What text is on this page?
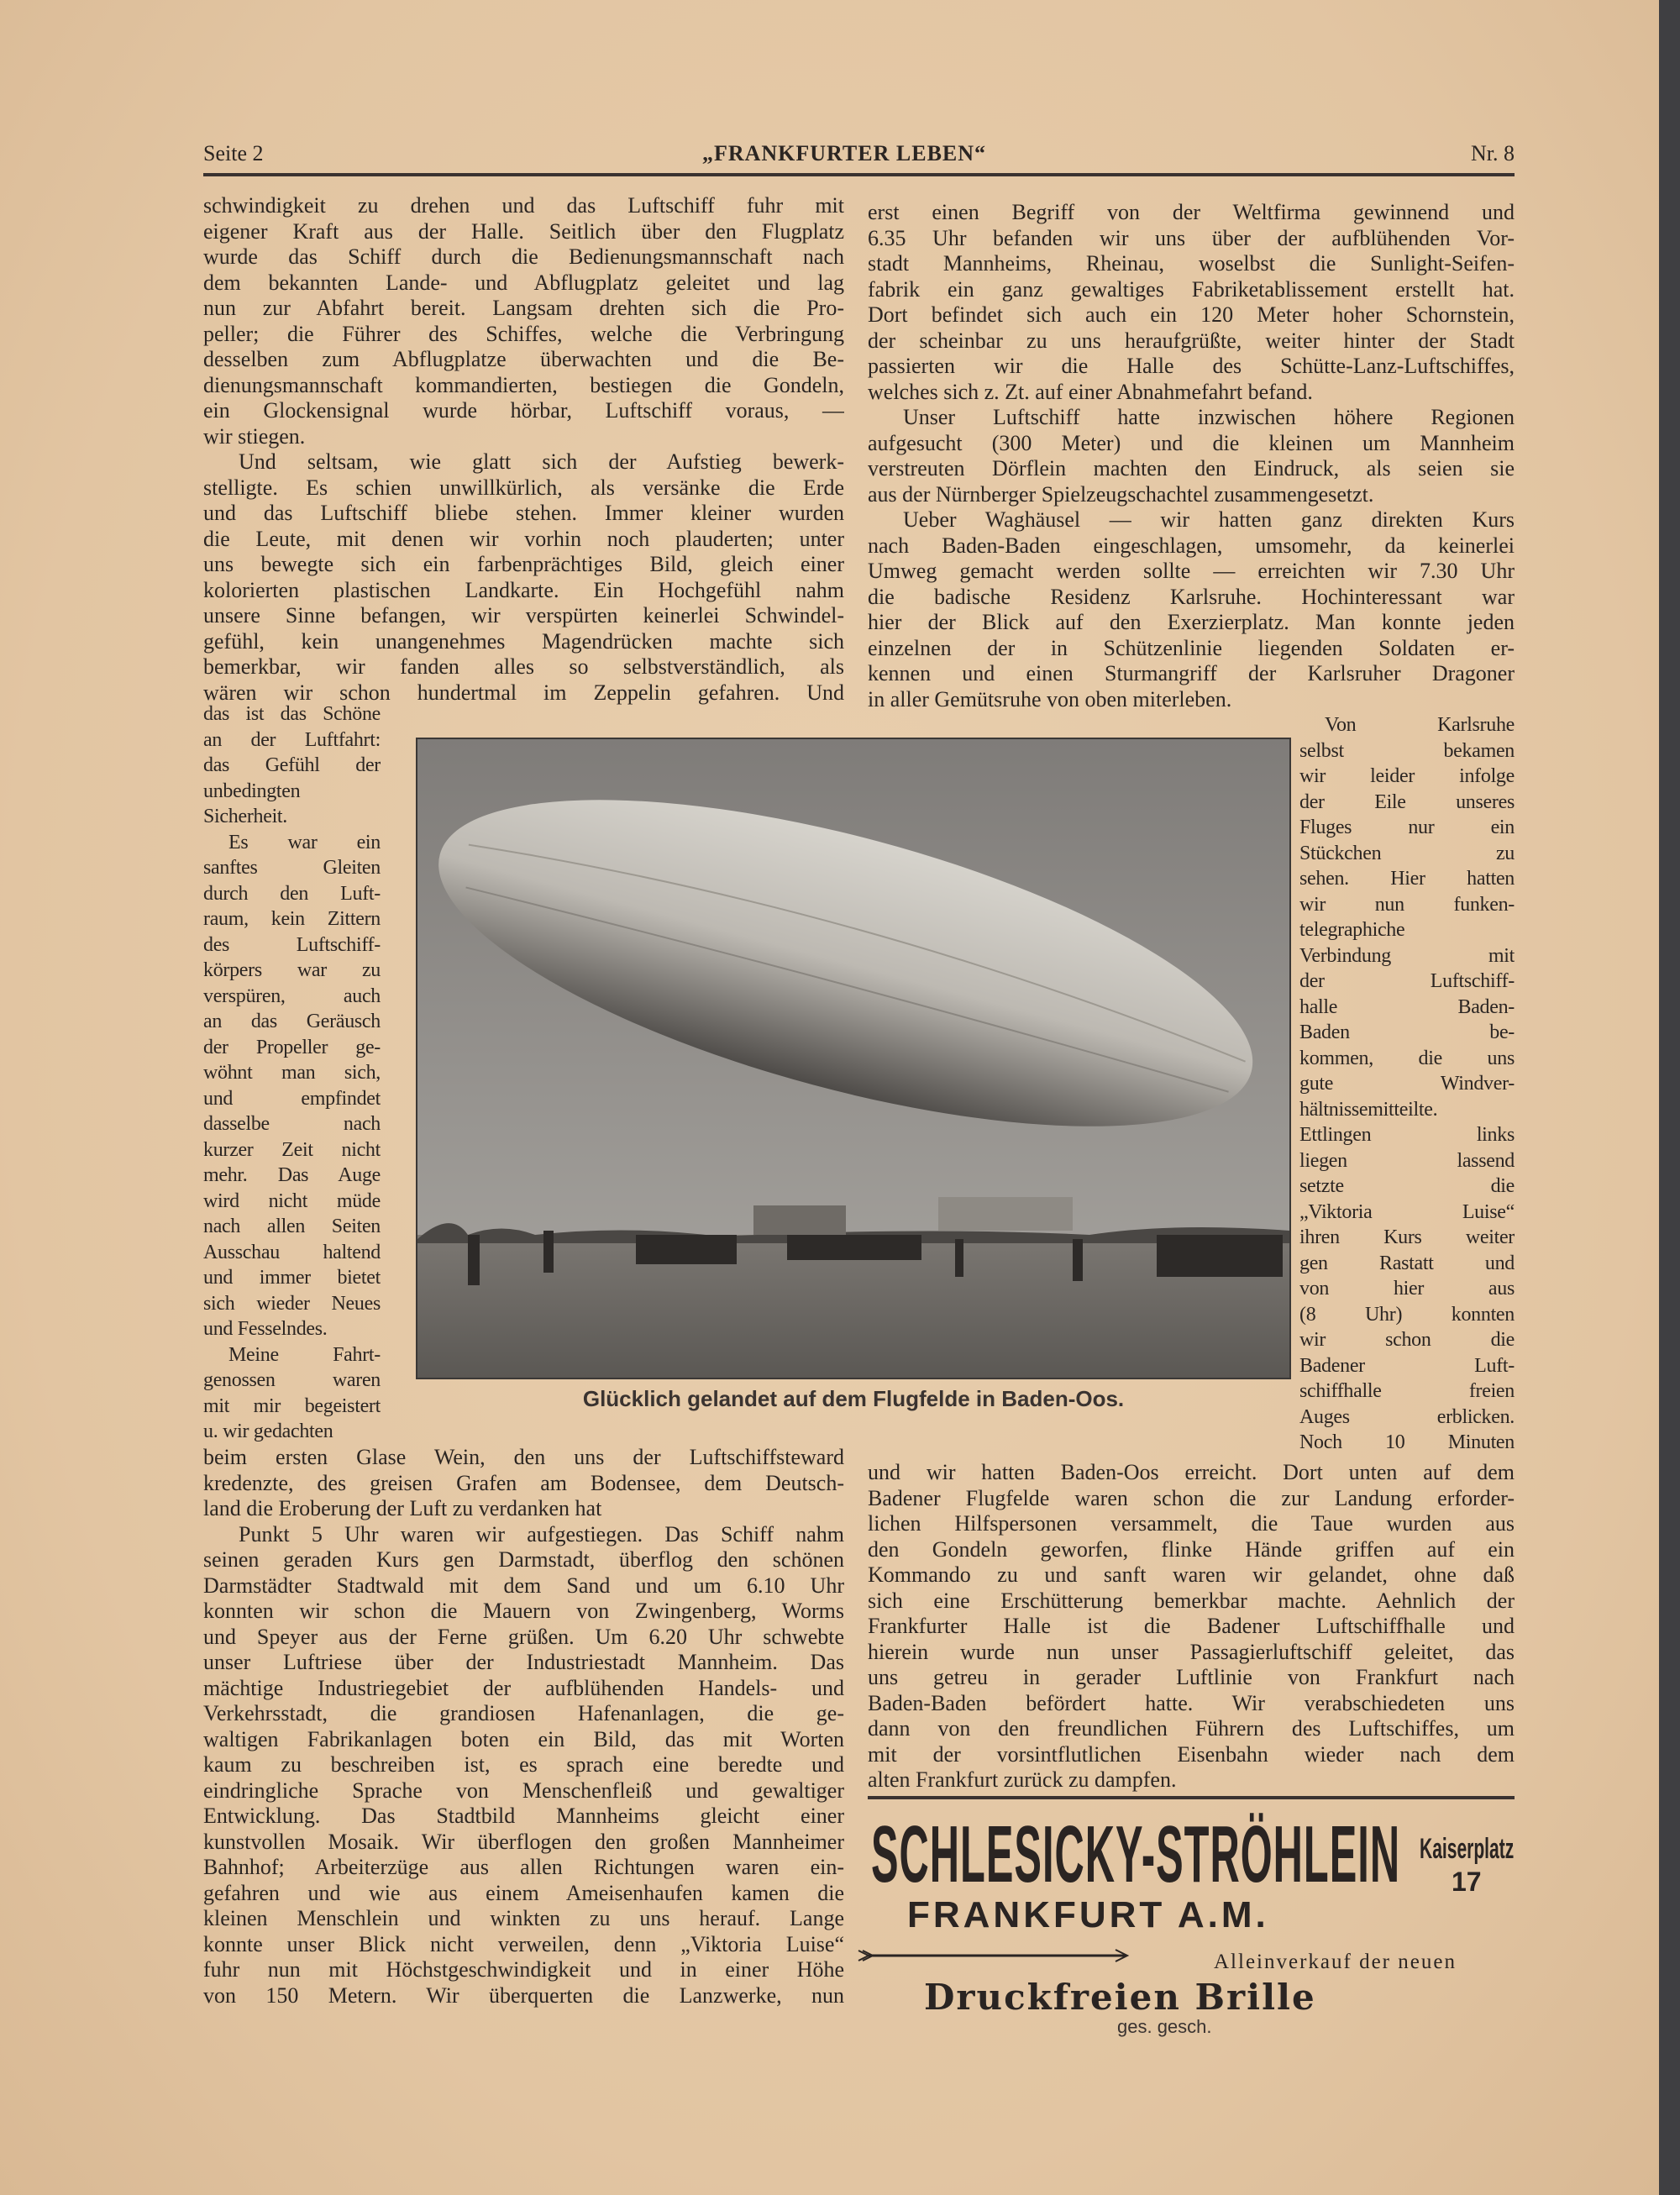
Seite 2	„FRANKFURTER LEBEN“	Nr. 8
schwindigkeit zu drehen und das Luftschiff fuhr mit
eigener Kraft aus der Halle. Seitlich über den Flugplatz
wurde das Schiff durch die Bedienungsmannschaft nach
dem bekannten Lande- und Abflugplatz geleitet und lag
nun zur Abfahrt bereit. Langsam drehten sich die Pro-
peller; die Führer des Schiffes, welche die Verbringung
desselben zum Abflugplatze überwachten und die Be-
dienungsmannschaft kommandierten, bestiegen die Gondeln,
ein Glockensignal wurde hörbar, Luftschiff voraus, —
wir stiegen.
Und seltsam, wie glatt sich der Aufstieg bewerk-
stelligte. Es schien unwillkürlich, als versänke die Erde
und das Luftschiff bliebe stehen. Immer kleiner wurden
die Leute, mit denen wir vorhin noch plauderten; unter
uns bewegte sich ein farbenprächtiges Bild, gleich einer
kolorierten plastischen Landkarte. Ein Hochgefühl nahm
unsere Sinne befangen, wir verspürten keinerlei Schwindel-
gefühl, kein unangenehmes Magendrücken machte sich
bemerkbar, wir fanden alles so selbstverständlich, als
wären wir schon hundertmal im Zeppelin gefahren. Und
das ist das Schöne
an der Luftfahrt:
das Gefühl der
unbedingten
Sicherheit.
Es war ein
sanftes Gleiten
durch den Luft-
raum, kein Zittern
des Luftschiff-
körpers war zu
verspüren, auch
an das Geräusch
der Propeller ge-
wöhnt man sich,
und empfindet
dasselbe nach
kurzer Zeit nicht
mehr. Das Auge
wird nicht müde
nach allen Seiten
Ausschau haltend
und immer bietet
sich wieder Neues
und Fesselndes.
Meine Fahrt-
genossen waren
mit mir begeistert
u. wir gedachten
beim ersten Glase Wein, den uns der Luftschiffsteward
kredenzte, des greisen Grafen am Bodensee, dem Deutsch-
land die Eroberung der Luft zu verdanken hat
Punkt 5 Uhr waren wir aufgestiegen. Das Schiff nahm
seinen geraden Kurs gen Darmstadt, überflog den schönen
Darmstädter Stadtwald mit dem Sand und um 6.10 Uhr
konnten wir schon die Mauern von Zwingenberg, Worms
und Speyer aus der Ferne grüßen. Um 6.20 Uhr schwebte
unser Luftriese über der Industriestadt Mannheim. Das
mächtige Industriegebiet der aufblühenden Handels- und
Verkehrsstadt, die grandiosen Hafenanlagen, die ge-
waltigen Fabrikanlagen boten ein Bild, das mit Worten
kaum zu beschreiben ist, es sprach eine beredte und
eindringliche Sprache von Menschenfleiß und gewaltiger
Entwicklung. Das Stadtbild Mannheims gleicht einer
kunstvollen Mosaik. Wir überflogen den großen Mannheimer
Bahnhof; Arbeiterzüge aus allen Richtungen waren ein-
gefahren und wie aus einem Ameisenhaufen kamen die
kleinen Menschlein und winkten zu uns herauf. Lange
konnte unser Blick nicht verweilen, denn „Viktoria Luise“
fuhr nun mit Höchstgeschwindigkeit und in einer Höhe
von 150 Metern. Wir überquerten die Lanzwerke, nun
erst einen Begriff von der Weltfirma gewinnend und
6.35 Uhr befanden wir uns über der aufblühenden Vor-
stadt Mannheims, Rheinau, woselbst die Sunlight-Seifen-
fabrik ein ganz gewaltiges Fabriketablissement erstellt hat.
Dort befindet sich auch ein 120 Meter hoher Schornstein,
der scheinbar zu uns heraufgrüßte, weiter hinter der Stadt
passierten wir die Halle des Schütte-Lanz-Luftschiffes,
welches sich z. Zt. auf einer Abnahmefahrt befand.
Unser Luftschiff hatte inzwischen höhere Regionen
aufgesucht (300 Meter) und die kleinen um Mannheim
verstreuten Dörflein machten den Eindruck, als seien sie
aus der Nürnberger Spielzeugschachtel zusammengesetzt.
Ueber Waghäusel — wir hatten ganz direkten Kurs
nach Baden-Baden eingeschlagen, umsomehr, da keinerlei
Umweg gemacht werden sollte — erreichten wir 7.30 Uhr
die badische Residenz Karlsruhe. Hochinteressant war
hier der Blick auf den Exerzierplatz. Man konnte jeden
einzelnen der in Schützenlinie liegenden Soldaten er-
kennen und einen Sturmangriff der Karlsruher Dragoner
in aller Gemütsruhe von oben miterleben.
Von Karlsruhe
selbst bekamen
wir leider infolge
der Eile unseres
Fluges nur ein
Stückchen zu
sehen. Hier hatten
wir nun funken-
telegraphiche
Verbindung mit
der Luftschiff-
halle Baden-
Baden be-
kommen, die uns
gute Windver-
hältnissemitteilte.
Ettlingen links
liegen lassend
setzte die
„Viktoria Luise“
ihren Kurs weiter
gen Rastatt und
von hier aus
(8 Uhr) konnten
wir schon die
Badener Luft-
schiffhalle freien
Auges erblicken.
Noch 10 Minuten
und wir hatten Baden-Oos erreicht. Dort unten auf dem
Badener Flugfelde waren schon die zur Landung erforder-
lichen Hilfspersonen versammelt, die Taue wurden aus
den Gondeln geworfen, flinke Hände griffen auf ein
Kommando zu und sanft waren wir gelandet, ohne daß
sich eine Erschütterung bemerkbar machte. Aehnlich der
Frankfurter Halle ist die Badener Luftschiffhalle und
hierein wurde nun unser Passagierluftschiff geleitet, das
uns getreu in gerader Luftlinie von Frankfurt nach
Baden-Baden befördert hatte. Wir verabschiedeten uns
dann von den freundlichen Führern des Luftschiffes, um
mit der vorsintflutlichen Eisenbahn wieder nach dem
alten Frankfurt zurück zu dampfen.
Glücklich gelandet auf dem Flugfelde in Baden-Oos.
SCHLESICKY-STRÖHLEIN Kaiserplatz
17
FRANKFURT A.M.
Alleinverkauf der neuen
Druckfreien Brille
ges. gesch.
